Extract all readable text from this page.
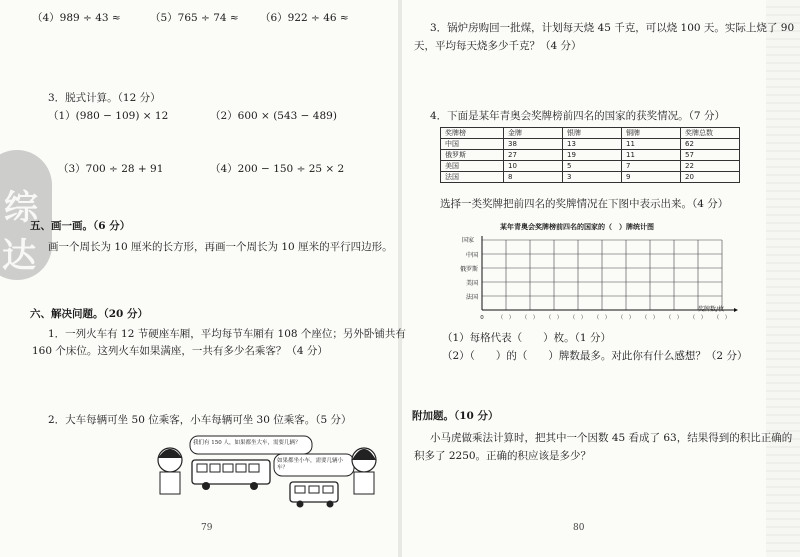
（4）989 ÷ 43 ≈	（5）765 ÷ 74 ≈ （6）922 ÷ 46 ≈
3．脱式计算。（12 分）
（1）(980 − 109) × 12	（2）600 × (543 − 489)
综
达
（3）700 ÷ 28 + 91	（4）200 − 150 ÷ 25 × 2
五、画一画。（6 分）
画一个周长为 10 厘米的长方形，再画一个周长为 10 厘米的平行四边形。
六、解决问题。（20 分）
1．一列火车有 12 节硬座车厢，平均每节车厢有 108 个座位；另外卧铺共有
160 个床位。这列火车如果满座，一共有多少名乘客？（4 分）
2．大车每辆可坐 50 位乘客，小车每辆可坐 30 位乘客。（5 分）
我们有 150 人，如果都坐大车，需要几辆？
如果都坐小车，需要几辆小车？
79
3．锅炉房购回一批煤，计划每天烧 45 千克，可以烧 100 天。实际上烧了 90
天，平均每天烧多少千克？（4 分）
4．下面是某年青奥会奖牌榜前四名的国家的获奖情况。（7 分）
奖牌榜	金牌	银牌	铜牌	奖牌总数
中国	38	13	11	62
俄罗斯	27	19	11	57
美国	10	5	7	22
法国	8	3	9	20
选择一类奖牌把前四名的奖牌情况在下图中表示出来。（4 分）
某年青奥会奖牌榜前四名的国家的（　）牌统计图
法国
美国
俄罗斯
中国
0	（　） （　） （　） （　） （　） （　） （　） （　） （　） （　）
国家
奖牌数/枚
（1）每格代表（　　）枚。（1 分）
（2）（　　）的（　　）牌数最多。对此你有什么感想？（2 分）
附加题。（10 分）
小马虎做乘法计算时，把其中一个因数 45 看成了 63，结果得到的积比正确的
积多了 2250。正确的积应该是多少？
80
